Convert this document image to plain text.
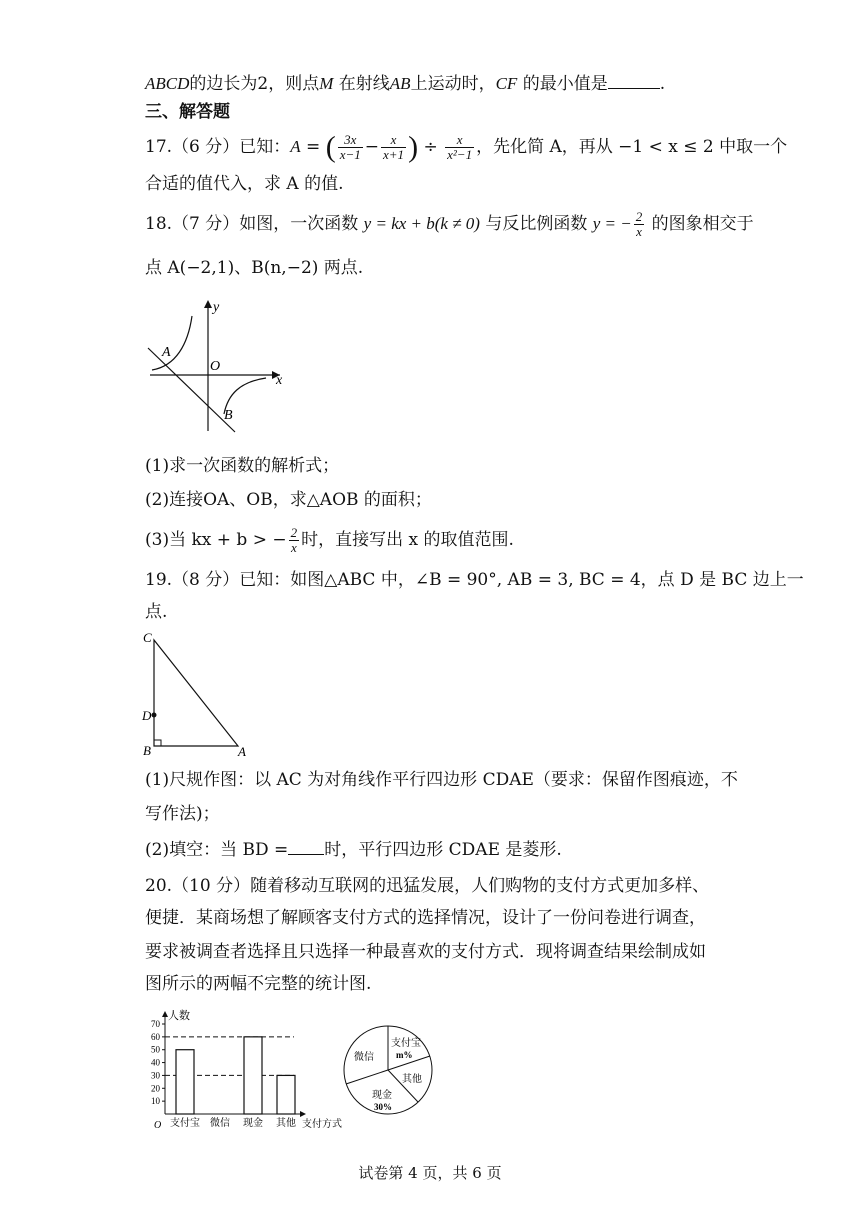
ABCD的边长为2，则点M 在射线AB上运动时，CF 的最小值是	.
三、解答题
17.（6 分）已知：A = ( $\frac{3x}{x-1} - \frac{x}{x+1}$ ) ÷ $\frac{x}{\text{x²−1}}$ ，先化简 A，再从 −1 < x ≤ 2 中取一个
合适的值代入，求 A 的值.
18.（7 分）如图，一次函数 y = kx + b(k ≠ 0) 与反比例函数 y = − $\frac{2}{x}$ 的图象相交于
点 A(−2,1)、B(n,−2) 两点.
y
x
O
A
B
(1)求一次函数的解析式；
(2)连接OA、OB，求△AOB 的面积；
(3)当 kx + b > − $\frac{2}{x}$ 时，直接写出 x 的取值范围.
19.（8 分）已知：如图△ABC 中，∠B = 90°, AB = 3, BC = 4，点 D 是 BC 边上一
点.
C
D
B	A
(1)尺规作图：以 AC 为对角线作平行四边形 CDAE（要求：保留作图痕迹，不
写作法)；
(2)填空：当 BD = 时，平行四边形 CDAE 是菱形.
20.（10 分）随着移动互联网的迅猛发展，人们购物的支付方式更加多样、
便捷．某商场想了解顾客支付方式的选择情况，设计了一份问卷进行调查，
要求被调查者选择且只选择一种最喜欢的支付方式．现将调查结果绘制成如
图所示的两幅不完整的统计图.
人数
O	支付方式
10
20
30
40
50
60
70
支付宝 微信 现金 其他
支付宝
m%
其他
现金
30%
微信
试卷第 4 页，共 6 页
